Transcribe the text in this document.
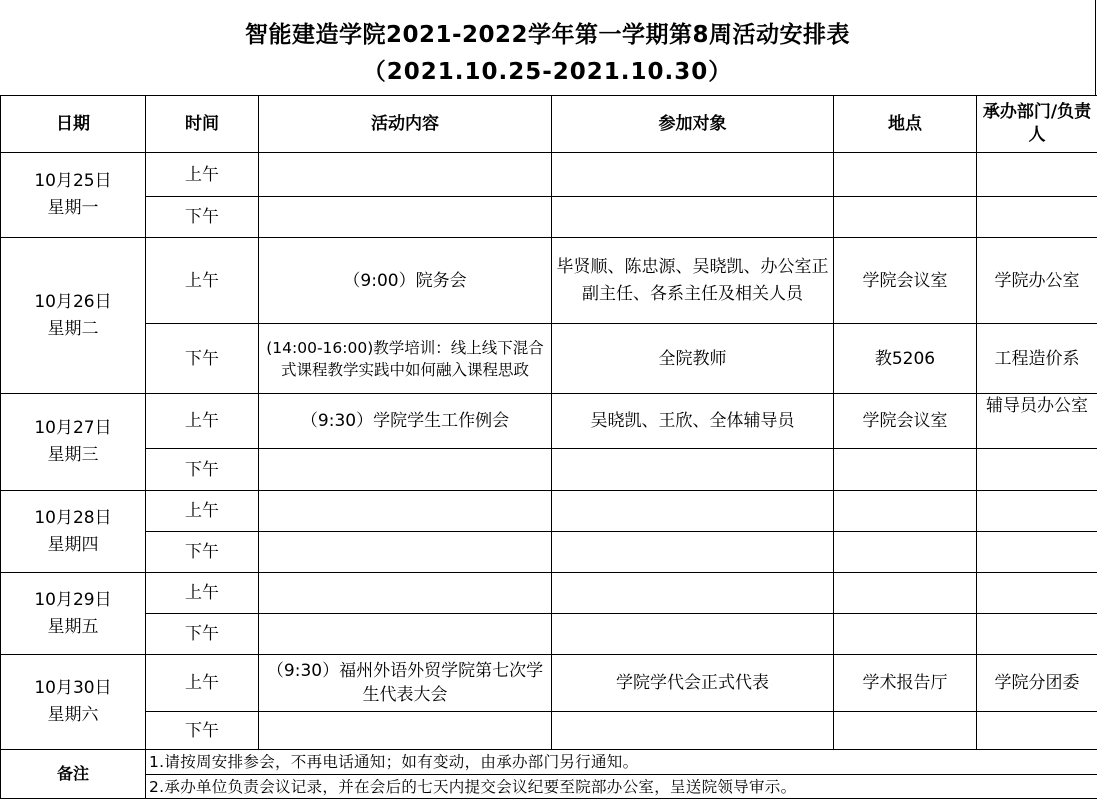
智能建造学院2021-2022学年第一学期第8周活动安排表
（2021.10.25-2021.10.30）
日期	时间	活动内容	参加对象	地点	承办部门/负责人
10月25日
星期一	上午				
	下午				
10月26日
星期二	上午	（9:00）院务会	毕贤顺、陈忠源、吴晓凯、办公室正副主任、各系主任及相关人员	学院会议室	学院办公室
	下午	(14:00-16:00)教学培训：线上线下混合式课程教学实践中如何融入课程思政	全院教师	教5206	工程造价系
10月27日
星期三	上午	（9:30）学院学生工作例会	吴晓凯、王欣、全体辅导员	学院会议室	辅导员办公室
	下午				
10月28日
星期四	上午				
	下午				
10月29日
星期五	上午				
	下午				
10月30日
星期六	上午	（9:30）福州外语外贸学院第七次学生代表大会	学院学代会正式代表	学术报告厅	学院分团委
	下午				
备注	1.请按周安排参会，不再电话通知；如有变动，由承办部门另行通知。				
	2.承办单位负责会议记录，并在会后的七天内提交会议纪要至院部办公室，呈送院领导审示。				
